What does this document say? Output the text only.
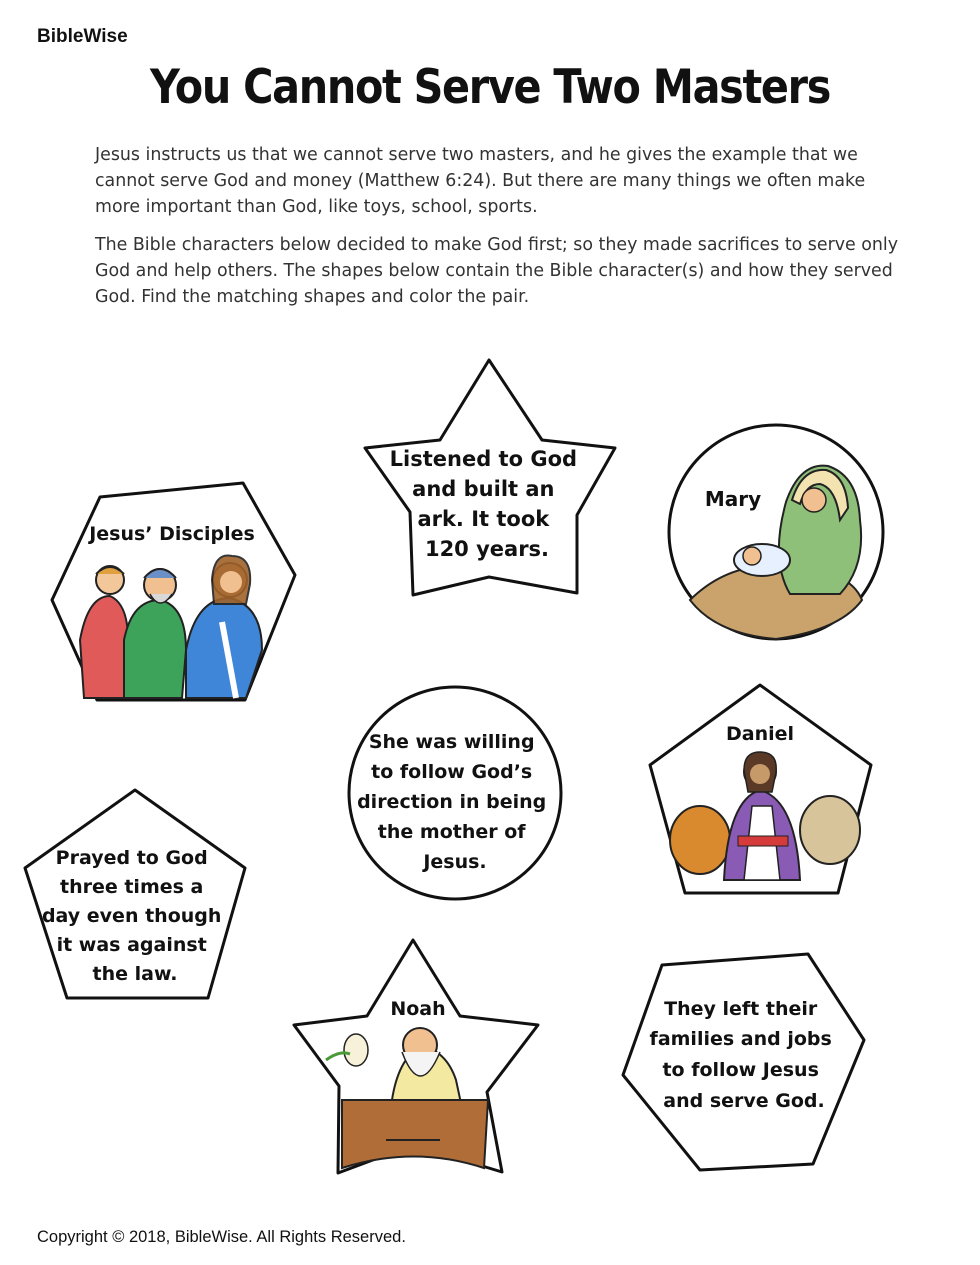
BibleWise
You Cannot Serve Two Masters

Jesus instructs us that we cannot serve two masters, and he gives the example that we cannot serve God and money (Matthew 6:24). But there are many things we often make more important than God, like toys, school, sports.

The Bible characters below decided to make God first; so they made sacrifices to serve only God and help others. The shapes below contain the Bible character(s) and how they served God. Find the matching shapes and color the pair.

Listened to God and built an ark. It took 120 years.
Jesus’ Disciples
Mary
She was willing to follow God’s direction in being the mother of Jesus.
Daniel
Prayed to God three times a day even though it was against the law.
Noah	They left their families and jobs to follow Jesus and serve God.
Copyright © 2018, BibleWise. All Rights Reserved.
